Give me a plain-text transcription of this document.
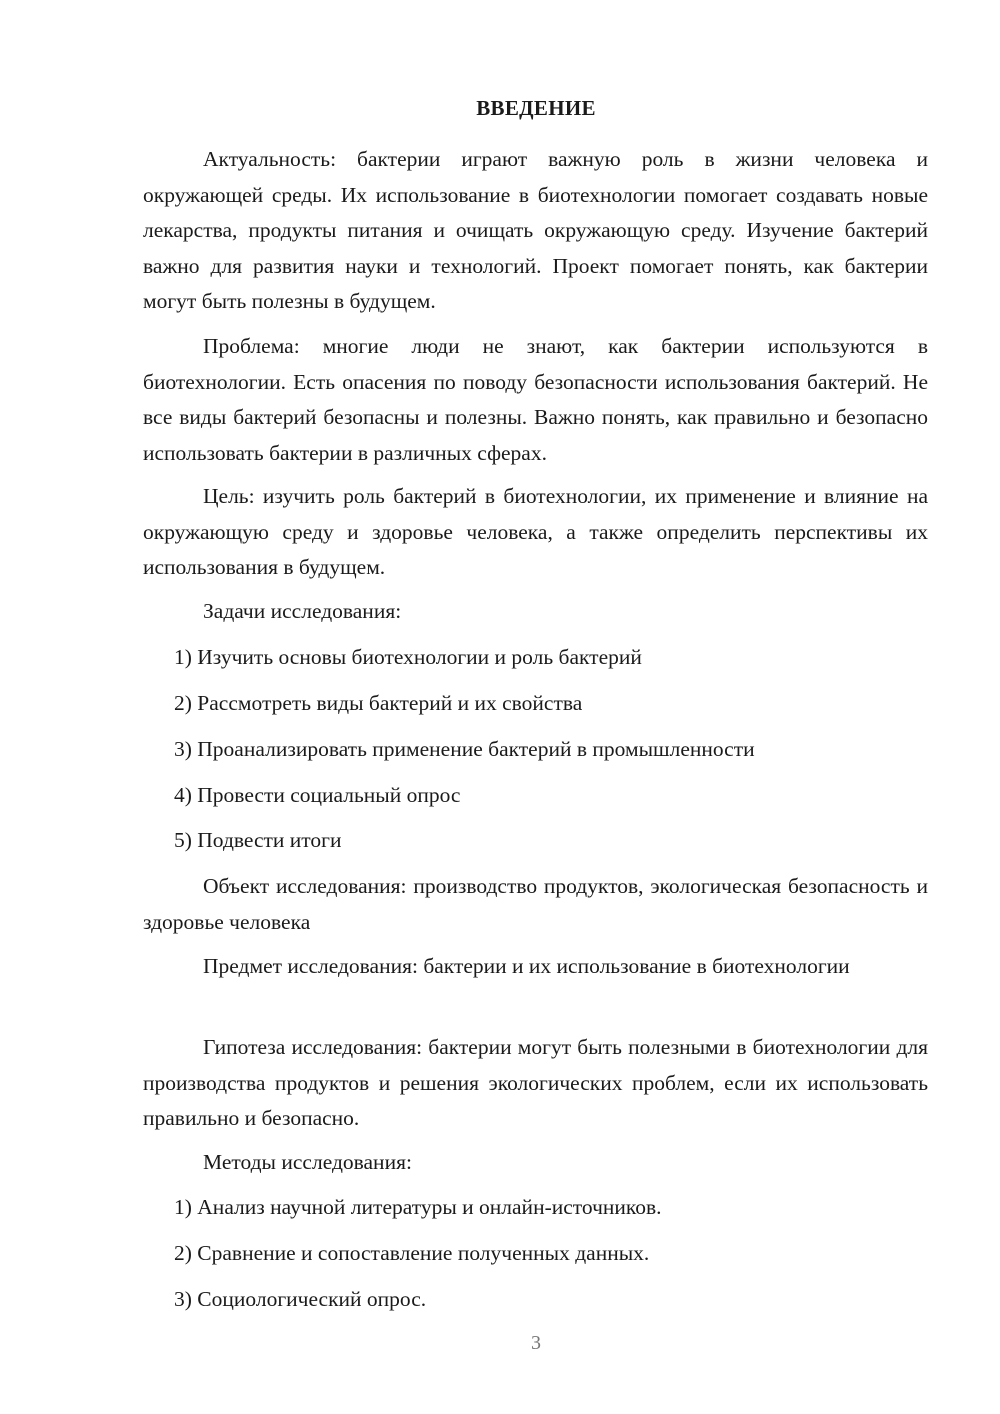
ВВЕДЕНИЕ
Актуальность: бактерии играют важную роль в жизни человека и окружающей среды. Их использование в биотехнологии помогает создавать новые лекарства, продукты питания и очищать окружающую среду. Изучение бактерий важно для развития науки и технологий. Проект помогает понять, как бактерии могут быть полезны в будущем.
Проблема: многие люди не знают, как бактерии используются в биотехнологии. Есть опасения по поводу безопасности использования бактерий. Не все виды бактерий безопасны и полезны. Важно понять, как правильно и безопасно использовать бактерии в различных сферах.
Цель: изучить роль бактерий в биотехнологии, их применение и влияние на окружающую среду и здоровье человека, а также определить перспективы их использования в будущем.
Задачи исследования:
1) Изучить основы биотехнологии и роль бактерий
2) Рассмотреть виды бактерий и их свойства
3) Проанализировать применение бактерий в промышленности
4) Провести социальный опрос
5) Подвести итоги
Объект исследования: производство продуктов, экологическая безопасность и здоровье человека
Предмет исследования: бактерии и их использование в биотехнологии
Гипотеза исследования: бактерии могут быть полезными в биотехнологии для производства продуктов и решения экологических проблем, если их использовать правильно и безопасно.
Методы исследования:
1) Анализ научной литературы и онлайн-источников.
2) Сравнение и сопоставление полученных данных.
3) Социологический опрос.
3
